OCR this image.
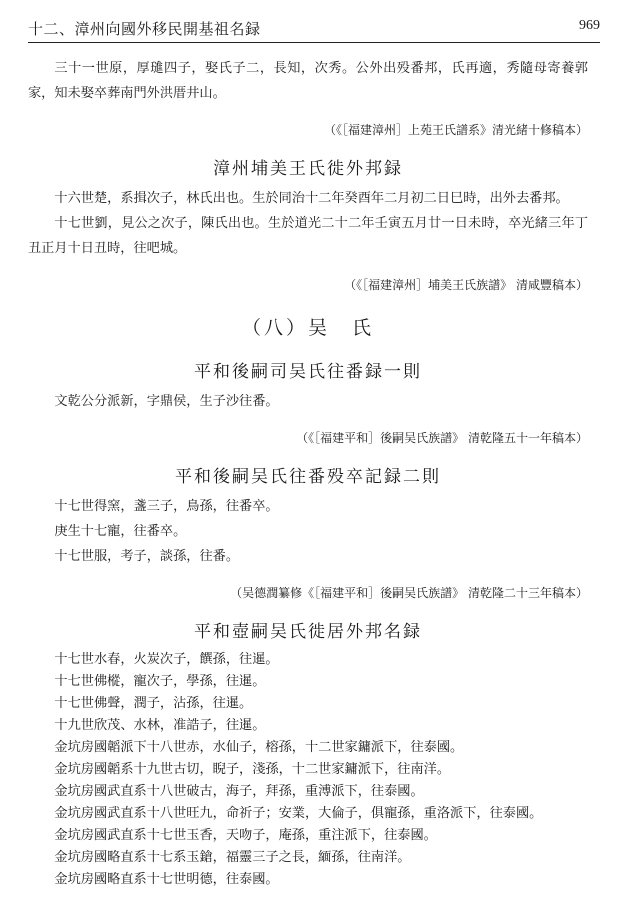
十二、漳州向國外移民開基祖名録	969

三十一世原，厚璡四子，娶氏子二，長知，次秀。公外出殁番邦，氏再適，秀隨母寄養郭家，知未娶卒葬南門外洪厝井山。

（《［福建漳州］上苑王氏譜系》清光緒十修稿本）
漳州埔美王氏徙外邦録

十六世楚，系揖次子，林氏出也。生於同治十二年癸酉年二月初二日巳時，出外去番邦。

十七世劉，見公之次子，陳氏出也。生於道光二十二年壬寅五月廿一日未時，卒光緒三年丁丑正月十日丑時，往吧城。

（《［福建漳州］埔美王氏族譜》 清咸豐稿本）
（八）吴　氏
平和後嗣司吴氏往番録一則

文乾公分派新，字鼎侯，生子沙往番。

（《［福建平和］後嗣吴氏族譜》 清乾隆五十一年稿本）
平和後嗣吴氏往番殁卒記録二則

十七世得窯，盞三子，鳥孫，往番卒。

庚生十七寵，往番卒。

十七世服，考子，談孫，往番。

（吴德潤纂修《［福建平和］後嗣吴氏族譜》 清乾隆二十三年稿本）
平和壺嗣吴氏徙居外邦名録

十七世水春，火炭次子，饌孫，往暹。

十七世佛樅，寵次子，學孫，往暹。

十七世佛聲，潤子，沾孫，往暹。

十九世欣茂、水林，准誥子，往暹。

金坑房國韜派下十八世赤，水仙子，榕孫，十二世家鏞派下，往泰國。

金坑房國韜系十九世古切，睨子，淺孫，十二世家鏞派下，往南洋。

金坑房國武直系十八世破古，海子，拜孫，重溥派下，往泰國。

金坑房國武直系十八世旺九，命祈子；安業，大倫子，俱寵孫，重洛派下，往泰國。

金坑房國武直系十七世玉香，天吻子，庵孫，重注派下，往泰國。

金坑房國略直系十七系玉鎗，福靈三子之長，緬孫，往南洋。

金坑房國略直系十七世明德，往泰國。
